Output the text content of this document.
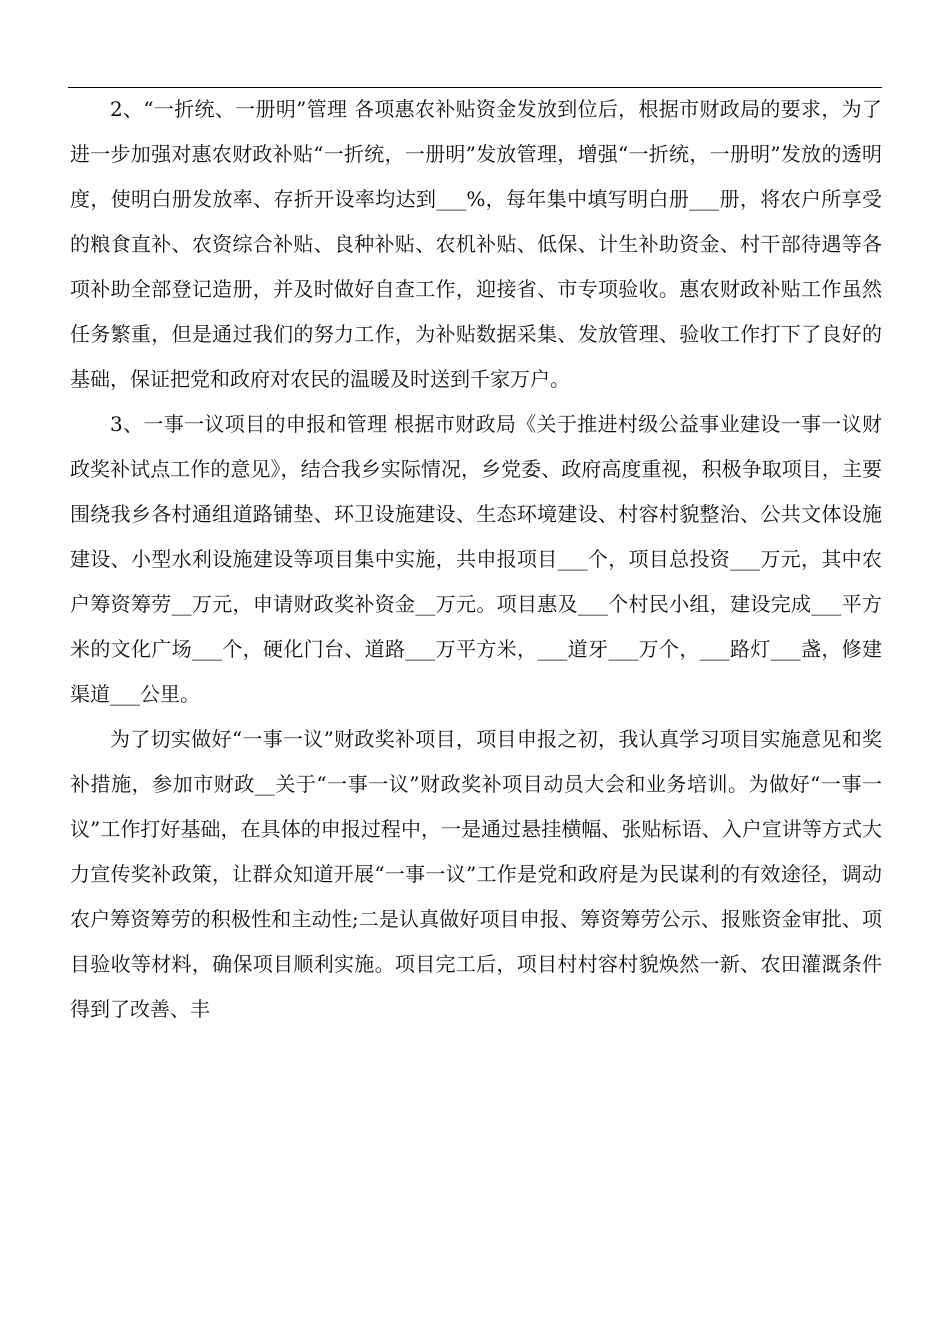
2、“一折统、一册明”管理 各项惠农补贴资金发放到位后，根据市财政局的要求，为了进一步加强对惠农财政补贴“一折统，一册明”发放管理，增强“一折统，一册明”发放的透明度，使明白册发放率、存折开设率均达到___%，每年集中填写明白册___册，将农户所享受的粮食直补、农资综合补贴、良种补贴、农机补贴、低保、计生补助资金、村干部待遇等各项补助全部登记造册，并及时做好自查工作，迎接省、市专项验收。惠农财政补贴工作虽然任务繁重，但是通过我们的努力工作，为补贴数据采集、发放管理、验收工作打下了良好的基础，保证把党和政府对农民的温暖及时送到千家万户。

3、一事一议项目的申报和管理 根据市财政局《关于推进村级公益事业建设一事一议财政奖补试点工作的意见》，结合我乡实际情况，乡党委、政府高度重视，积极争取项目，主要围绕我乡各村通组道路铺垫、环卫设施建设、生态环境建设、村容村貌整治、公共文体设施建设、小型水利设施建设等项目集中实施，共申报项目___个，项目总投资___万元，其中农户筹资筹劳__万元，申请财政奖补资金__万元。项目惠及___个村民小组，建设完成___平方米的文化广场___个，硬化门台、道路___万平方米，___道牙___万个，___路灯___盏，修建渠道___公里。

为了切实做好“一事一议”财政奖补项目，项目申报之初，我认真学习项目实施意见和奖补措施，参加市财政__关于“一事一议”财政奖补项目动员大会和业务培训。为做好“一事一议”工作打好基础，在具体的申报过程中，一是通过悬挂横幅、张贴标语、入户宣讲等方式大力宣传奖补政策，让群众知道开展“一事一议”工作是党和政府是为民谋利的有效途径，调动农户筹资筹劳的积极性和主动性;二是认真做好项目申报、筹资筹劳公示、报账资金审批、项目验收等材料，确保项目顺利实施。项目完工后，项目村村容村貌焕然一新、农田灌溉条件得到了改善、丰
